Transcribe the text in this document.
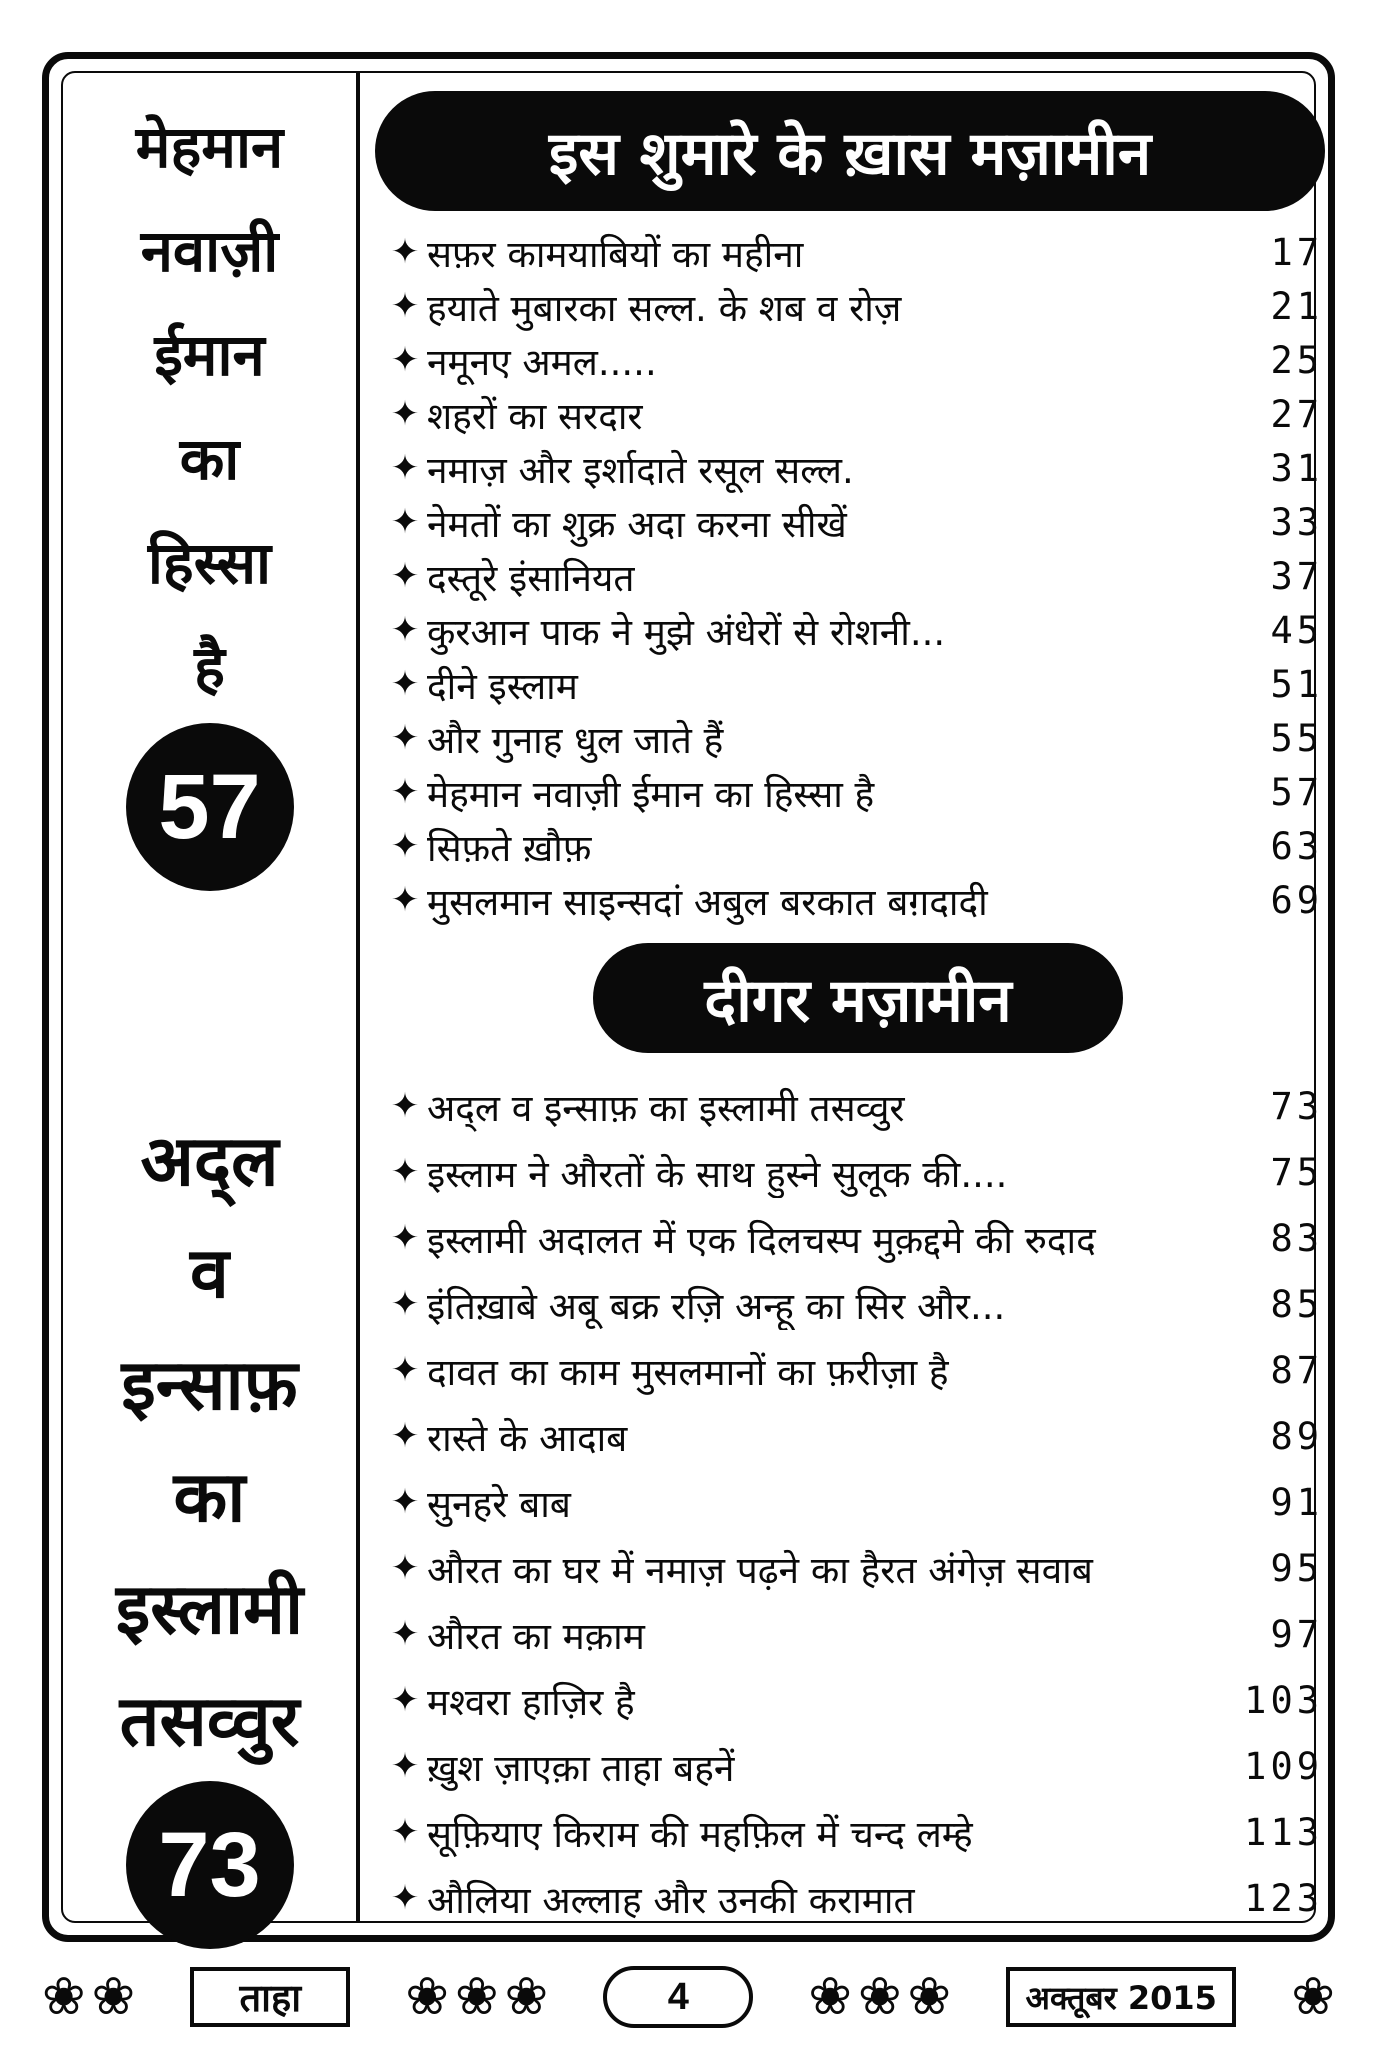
मेहमान
नवाज़ी
ईमान
का
हिस्सा
है
57
अद्ल
व
इन्साफ़
का
इस्लामी
तसव्वुर
73
इस शुमारे के ख़ास मज़ामीन
✦ सफ़र कामयाबियों का महीना	17
✦ हयाते मुबारका सल्ल. के शब व रोज़	21
✦ नमूनए अमल.....	25
✦ शहरों का सरदार	27
✦ नमाज़ और इर्शादाते रसूल सल्ल.	31
✦ नेमतों का शुक्र अदा करना सीखें	33
✦ दस्तूरे इंसानियत	37
✦ कुरआन पाक ने मुझे अंधेरों से रोशनी...	45
✦ दीने इस्लाम	51
✦ और गुनाह धुल जाते हैं	55
✦ मेहमान नवाज़ी ईमान का हिस्सा है	57
✦ सिफ़ते ख़ौफ़	63
✦ मुसलमान साइन्सदां अबुल बरकात बग़दादी	69
दीगर मज़ामीन
✦ अद्ल व इन्साफ़ का इस्लामी तसव्वुर	73
✦ इस्लाम ने औरतों के साथ हुस्ने सुलूक की....	75
✦ इस्लामी अदालत में एक दिलचस्प मुक़द्दमे की रुदाद	83
✦ इंतिख़ाबे अबू बक्र रज़ि अन्हू का सिर और...	85
✦ दावत का काम मुसलमानों का फ़रीज़ा है	87
✦ रास्ते के आदाब	89
✦ सुनहरे बाब	91
✦ औरत का घर में नमाज़ पढ़ने का हैरत अंगेज़ सवाब	95
✦ औरत का मक़ाम	97
✦ मश्वरा हाज़िर है	103
✦ ख़ुश ज़ाएक़ा ताहा बहनें	109
✦ सूफ़ियाए किराम की महफ़िल में चन्द लम्हे	113
✦ औलिया अल्लाह और उनकी करामात	123
❀ ❀	ताहा	❀ ❀ ❀	4	❀ ❀ ❀	अक्तूबर 2015	❀
